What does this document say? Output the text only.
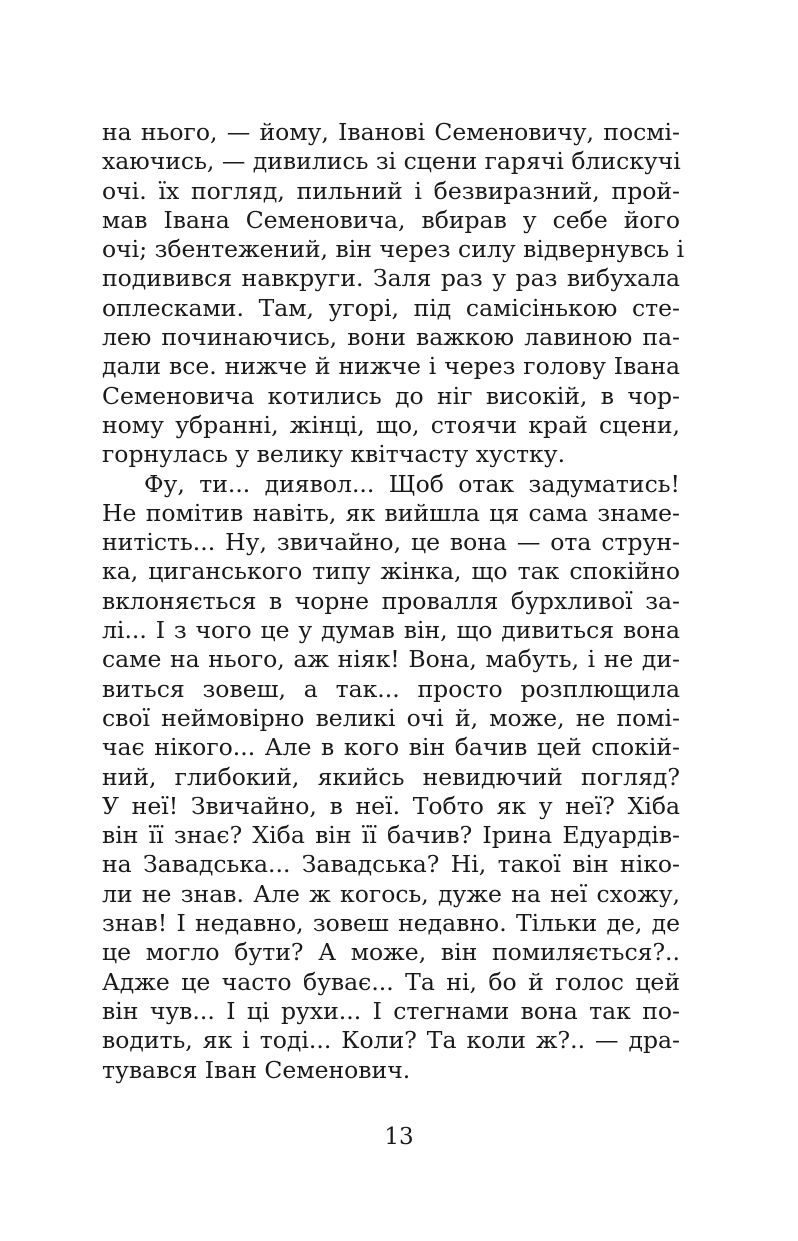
на нього, — йому, Івановi Семеновичу, посмі-
хаючись, — дивились зі сцени гарячі блискучі
очі. їх погляд, пильний і безвиразний, прой-
мав Івана Семеновича, вбирав у себе його
очі; збентежений, він через силу відвернувсь і
подивився навкруги. Заля раз у раз вибухала
оплесками. Там, угорі, під самісінькою сте-
лею починаючись, вони важкою лавиною па-
дали все. нижче й нижче і через голову Івана
Семеновича котились до ніг високій, в чор-
ному убранні, жінці, що, стоячи край сцени,
горнулась у велику квітчасту хустку.
Фу, ти... диявол... Щоб отак задуматись!
Не помітив навіть, як вийшла ця сама знаме-
нитість... Ну, звичайно, це вона — ота струн-
ка, циганського типу жінка, що так спокійно
вклоняється в чорне провалля бурхливої за-
лі... І з чого це у думав він, що дивиться вона
саме на нього, аж ніяк! Вона, мабуть, і не ди-
виться зовеш, а так... просто розплющила
свої неймовірно великі очі й, може, не помі-
чає нікого... Але в кого він бачив цей спокій-
ний, глибокий, якийсь невидючий погляд?
У неї! Звичайно, в неї. Тобто як у неї? Хіба
він її знає? Хіба він її бачив? Ірина Едуардів-
на Завадська... Завадська? Ні, такої він ніко-
ли не знав. Але ж когось, дуже на неї схожу,
знав! І недавно, зовеш недавно. Тільки де, де
це могло бути? А може, він помиляється?..
Адже це часто буває... Та ні, бо й голос цей
він чув... І ці рухи... І стегнами вона так по-
водить, як і тоді... Коли? Та коли ж?.. — дра-
тувався Іван Семенович.
13
